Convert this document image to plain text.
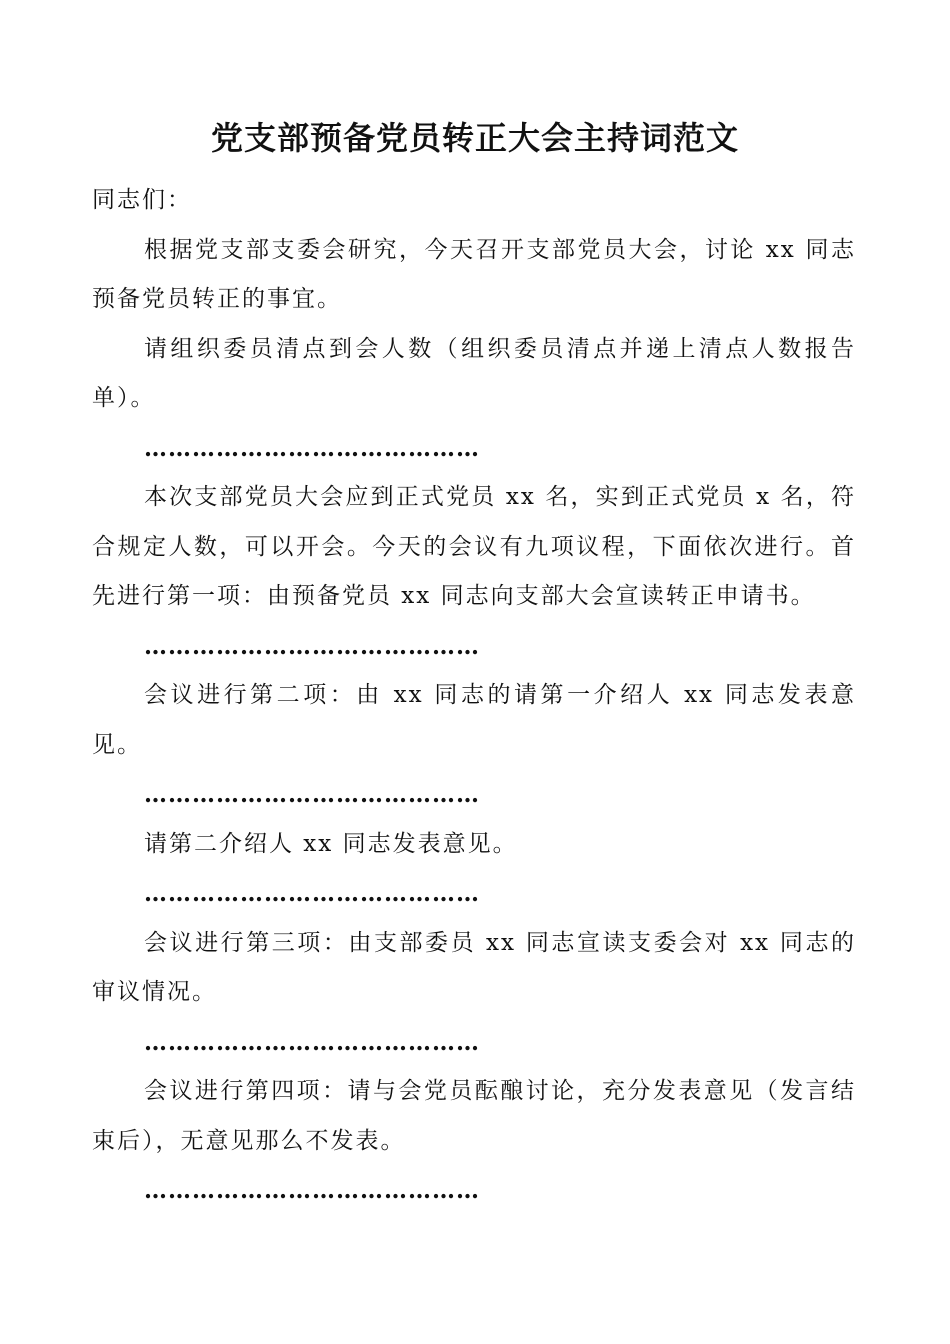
党支部预备党员转正大会主持词范文

同志们：

根据党支部支委会研究，今天召开支部党员大会，讨论 xx 同志预备党员转正的事宜。

请组织委员清点到会人数（组织委员清点并递上清点人数报告单）。

……………………………………

本次支部党员大会应到正式党员 xx 名，实到正式党员 x 名，符合规定人数，可以开会。今天的会议有九项议程，下面依次进行。首先进行第一项：由预备党员 xx 同志向支部大会宣读转正申请书。

……………………………………

会议进行第二项：由 xx 同志的请第一介绍人 xx 同志发表意见。

……………………………………

请第二介绍人 xx 同志发表意见。

……………………………………

会议进行第三项：由支部委员 xx 同志宣读支委会对 xx 同志的审议情况。

……………………………………

会议进行第四项：请与会党员酝酿讨论，充分发表意见（发言结束后），无意见那么不发表。

……………………………………
